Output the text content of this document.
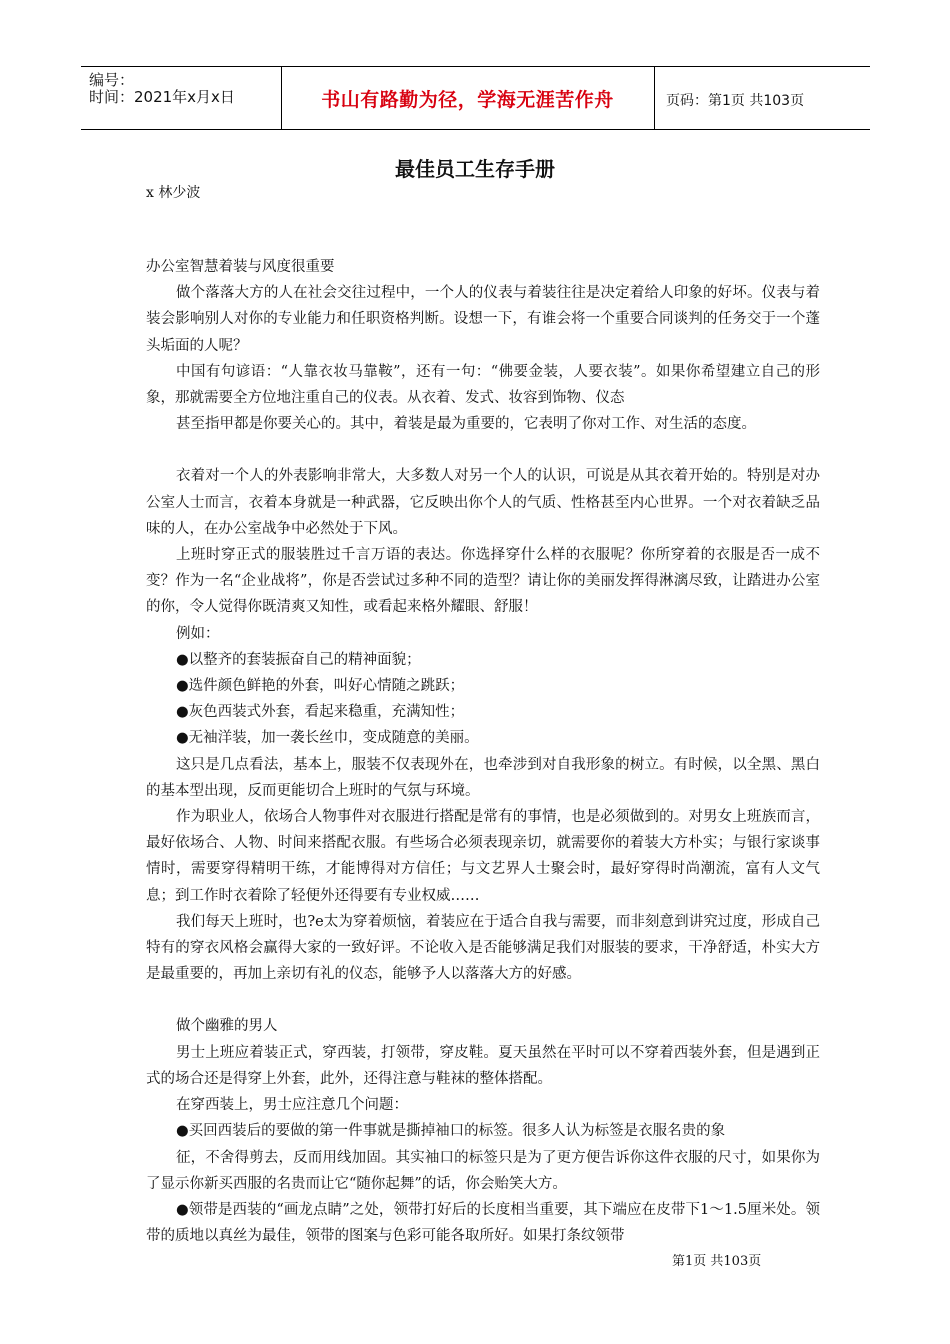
编号：
时间：2021年x月x日	书山有路勤为径，学海无涯苦作舟	页码：第1页 共103页
最佳员工生存手册
x 林少波

办公室智慧着装与风度很重要

做个落落大方的人在社会交往过程中，一个人的仪表与着装往往是决定着给人印象的好坏。仪表与着装会影响别人对你的专业能力和任职资格判断。设想一下，有谁会将一个重要合同谈判的任务交于一个蓬头垢面的人呢？

中国有句谚语：“人靠衣妆马靠鞍”，还有一句：“佛要金装，人要衣装”。如果你希望建立自己的形象，那就需要全方位地注重自己的仪表。从衣着、发式、妆容到饰物、仪态

甚至指甲都是你要关心的。其中，着装是最为重要的，它表明了你对工作、对生活的态度。

衣着对一个人的外表影响非常大，大多数人对另一个人的认识，可说是从其衣着开始的。特别是对办公室人士而言，衣着本身就是一种武器，它反映出你个人的气质、性格甚至内心世界。一个对衣着缺乏品味的人，在办公室战争中必然处于下风。

上班时穿正式的服装胜过千言万语的表达。你选择穿什么样的衣服呢？你所穿着的衣服是否一成不变？作为一名“企业战将”，你是否尝试过多种不同的造型？请让你的美丽发挥得淋漓尽致，让踏进办公室的你，令人觉得你既清爽又知性，或看起来格外耀眼、舒服！

例如：

●以整齐的套装振奋自己的精神面貌；

●选件颜色鲜艳的外套，叫好心情随之跳跃；

●灰色西装式外套，看起来稳重，充满知性；

●无袖洋装，加一袭长丝巾，变成随意的美丽。

这只是几点看法，基本上，服装不仅表现外在，也牵涉到对自我形象的树立。有时候，以全黑、黑白的基本型出现，反而更能切合上班时的气氛与环境。

作为职业人，依场合人物事件对衣服进行搭配是常有的事情，也是必须做到的。对男女上班族而言，最好依场合、人物、时间来搭配衣服。有些场合必须表现亲切，就需要你的着装大方朴实；与银行家谈事情时，需要穿得精明干练，才能博得对方信任；与文艺界人士聚会时，最好穿得时尚潮流，富有人文气息；到工作时衣着除了轻便外还得要有专业权威……

我们每天上班时，也?e太为穿着烦恼，着装应在于适合自我与需要，而非刻意到讲究过度，形成自己特有的穿衣风格会赢得大家的一致好评。不论收入是否能够满足我们对服装的要求，干净舒适，朴实大方是最重要的，再加上亲切有礼的仪态，能够予人以落落大方的好感。

做个幽雅的男人

男士上班应着装正式，穿西装，打领带，穿皮鞋。夏天虽然在平时可以不穿着西装外套，但是遇到正式的场合还是得穿上外套，此外，还得注意与鞋袜的整体搭配。

在穿西装上，男士应注意几个问题：

●买回西装后的要做的第一件事就是撕掉袖口的标签。很多人认为标签是衣服名贵的象

征，不舍得剪去，反而用线加固。其实袖口的标签只是为了更方便告诉你这件衣服的尺寸，如果你为了显示你新买西服的名贵而让它“随你起舞”的话，你会贻笑大方。

●领带是西装的“画龙点睛”之处，领带打好后的长度相当重要，其下端应在皮带下1～1.5厘米处。领带的质地以真丝为最佳，领带的图案与色彩可能各取所好。如果打条纹领带

第1页 共103页
